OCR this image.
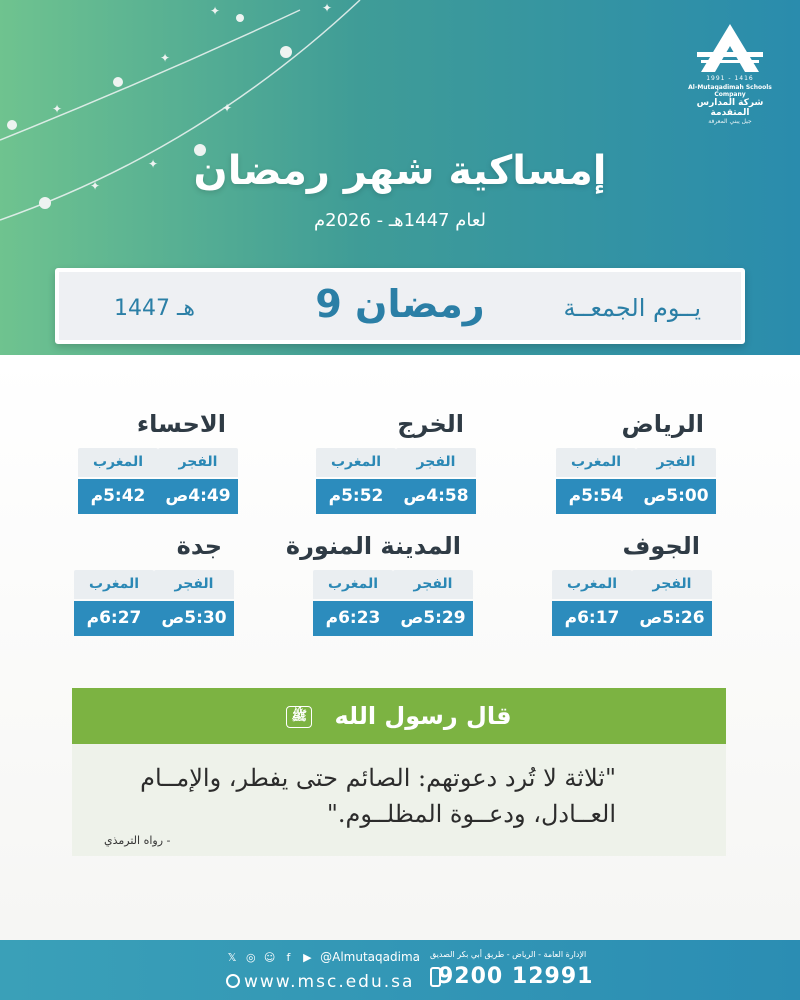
✦
✦
✦
✦
✦
✦
✦
1991 - 1416
Al-Mutaqadimah Schools Company
شركة المدارس المتقدمة
جيل يبني المعرفة
إمساكية شهر رمضان
لعام 1447هـ - 2026م
يــوم الجمعــة
9 رمضان
1447 هـ
الرياض
الفجر
5:00ص
المغرب
5:54م
الخرج
الفجر
4:58ص
المغرب
5:52م
الاحساء
الفجر
4:49ص
المغرب
5:42م
الجوف
الفجر
5:26ص
المغرب
6:17م
المدينة المنورة
الفجر
5:29ص
المغرب
6:23م
جدة
الفجر
5:30ص
المغرب
6:27م
قال رسول الله ﷺ
"ثلاثة لا تُرد دعوتهم: الصائم حتى يفطر، والإمــام العــادل، ودعــوة المظلــوم."
- رواه الترمذي
الإدارة العامة - الرياض - طريق أبي بكر الصديق
9200 12991
𝕏 ◎ ☺ f ▶ @Almutaqadima
www.msc.edu.sa
